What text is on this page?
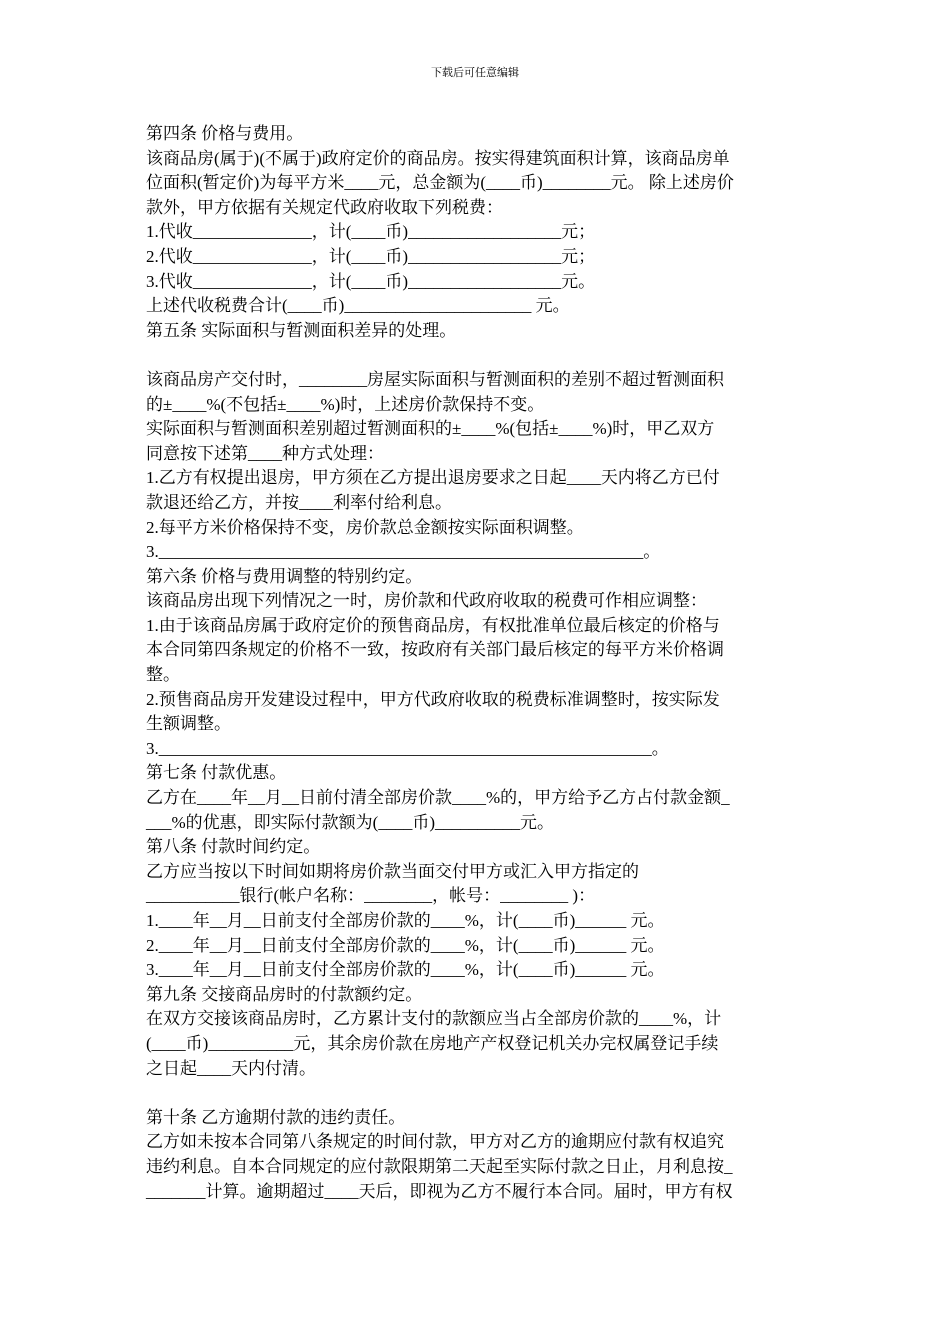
下载后可任意编辑
第四条 价格与费用。
该商品房(属于)(不属于)政府定价的商品房。按实得建筑面积计算，该商品房单
位面积(暂定价)为每平方米____元，总金额为(____币)________元。 除上述房价
款外，甲方依据有关规定代政府收取下列税费：
1.代收______________，计(____币)__________________元；
2.代收______________，计(____币)__________________元；
3.代收______________，计(____币)__________________元。
上述代收税费合计(____币)______________________ 元。
第五条 实际面积与暂测面积差异的处理。
该商品房产交付时，________房屋实际面积与暂测面积的差别不超过暂测面积
的±____%(不包括±____%)时，上述房价款保持不变。
实际面积与暂测面积差别超过暂测面积的±____%(包括±____%)时，甲乙双方
同意按下述第____种方式处理：
1.乙方有权提出退房，甲方须在乙方提出退房要求之日起____天内将乙方已付
款退还给乙方，并按____利率付给利息。
2.每平方米价格保持不变，房价款总金额按实际面积调整。
3._________________________________________________________。
第六条 价格与费用调整的特别约定。
该商品房出现下列情况之一时，房价款和代政府收取的税费可作相应调整：
1.由于该商品房属于政府定价的预售商品房，有权批准单位最后核定的价格与
本合同第四条规定的价格不一致，按政府有关部门最后核定的每平方米价格调
整。
2.预售商品房开发建设过程中，甲方代政府收取的税费标准调整时，按实际发
生额调整。
3.__________________________________________________________。
第七条 付款优惠。
乙方在____年__月__日前付清全部房价款____%的，甲方给予乙方占付款金额_
___%的优惠，即实际付款额为(____币)__________元。
第八条 付款时间约定。
乙方应当按以下时间如期将房价款当面交付甲方或汇入甲方指定的
___________银行(帐户名称：________，帐号：________ )：
1.____年__月__日前支付全部房价款的____%，计(____币)______ 元。
2.____年__月__日前支付全部房价款的____%，计(____币)______ 元。
3.____年__月__日前支付全部房价款的____%，计(____币)______ 元。
第九条 交接商品房时的付款额约定。
在双方交接该商品房时，乙方累计支付的款额应当占全部房价款的____%，计
(____币)__________元，其余房价款在房地产产权登记机关办完权属登记手续
之日起____天内付清。
第十条 乙方逾期付款的违约责任。
乙方如未按本合同第八条规定的时间付款，甲方对乙方的逾期应付款有权追究
违约利息。自本合同规定的应付款限期第二天起至实际付款之日止，月利息按_
_______计算。逾期超过____天后，即视为乙方不履行本合同。届时，甲方有权
